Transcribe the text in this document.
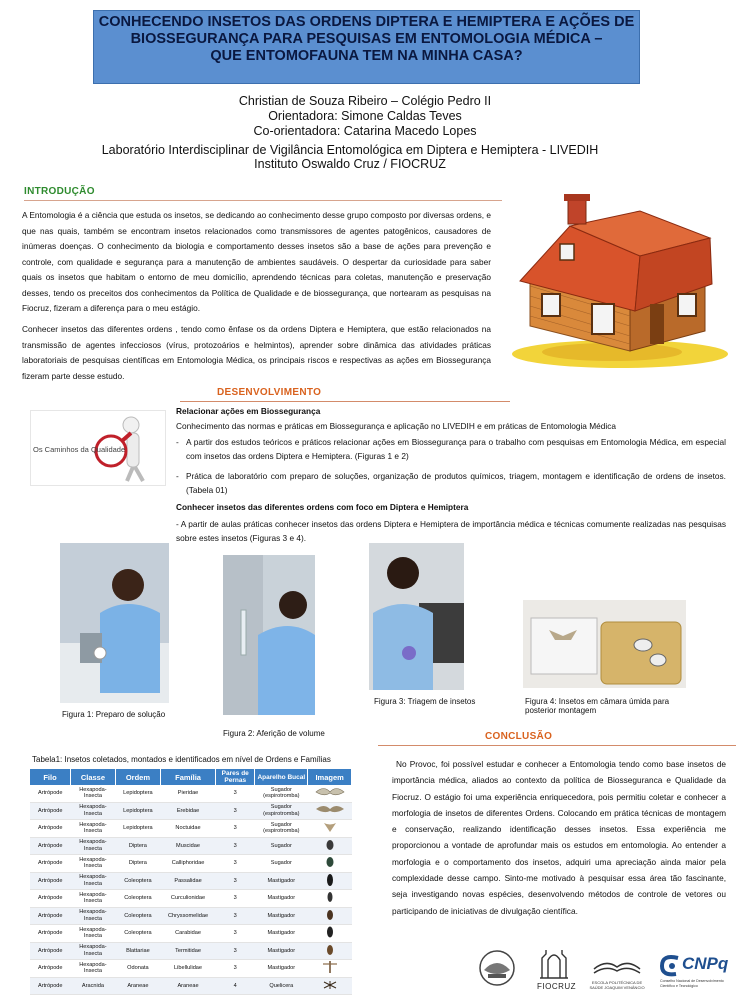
CONHECENDO INSETOS DAS ORDENS DIPTERA E HEMIPTERA E AÇÕES DE
BIOSSEGURANÇA PARA PESQUISAS EM ENTOMOLOGIA MÉDICA –
QUE ENTOMOFAUNA TEM NA MINHA CASA?
Christian de Souza Ribeiro – Colégio Pedro II
Orientadora: Simone Caldas Teves
Co-orientadora: Catarina Macedo Lopes
Laboratório Interdisciplinar de Vigilância Entomológica em Diptera e Hemiptera - LIVEDIH
Instituto Oswaldo Cruz / FIOCRUZ
INTRODUÇÃO
A Entomologia é a ciência que estuda os insetos, se dedicando ao conhecimento desse grupo composto por diversas ordens, e que nas quais, também se encontram insetos relacionados como transmissores de agentes patogênicos, causadores de inúmeras doenças. O conhecimento da biologia e comportamento desses insetos são a base de ações para prevenção e controle, com qualidade e segurança para a manutenção de ambientes saudáveis. O despertar da curiosidade para saber quais os insetos que habitam o entorno de meu domicílio, aprendendo técnicas para coletas, manutenção e preservação desses, tendo os preceitos dos conhecimentos da Política de Qualidade e de biossegurança, que nortearam as pesquisas na Fiocruz, fizeram a diferença para o meu estágio.
Conhecer insetos das diferentes ordens , tendo como ênfase os da ordens Diptera e Hemiptera, que estão relacionados na transmissão de agentes infecciosos (vírus, protozoários e helmintos), aprender sobre dinâmica das atividades práticas laboratoriais de pesquisas científicas em Entomologia Médica, os principais riscos e respectivas as ações em Biossegurança fizeram parte desse estudo.
DESENVOLVIMENTO
Os Caminhos da Qualidade
Relacionar ações em Biossegurança
Conhecimento das normas e práticas em Biossegurança e aplicação no LIVEDIH e em práticas de Entomologia Médica
- A partir dos estudos teóricos e práticos relacionar ações em Biossegurança para o trabalho com pesquisas em Entomologia Médica, em especial com insetos das ordens Diptera e Hemiptera. (Figuras 1 e 2)
- Prática de laboratório com preparo de soluções, organização de produtos químicos, triagem, montagem e identificação de ordens de insetos. (Tabela 01)
Conhecer insetos das diferentes ordens com foco em Diptera e Hemiptera
- A partir de aulas práticas conhecer insetos das ordens Diptera e Hemiptera de importância médica e técnicas comumente realizadas nas pesquisas sobre estes insetos (Figuras 3 e 4).
Figura 1: Preparo de solução
Figura 2: Aferição de volume
Figura 3: Triagem de insetos	Figura 4: Insetos em câmara úmida para posterior montagem
Tabela1: Insetos coletados, montados e identificados em nível de Ordens e Famílias
Filo	Classe	Ordem	Família	Pares de Pernas	Aparelho Bucal	Imagem
Artrópode	Hexapoda- Insecta	Lepidoptera	Pieridae	3	Sugador (espirotromba)	
Artrópode	Hexapoda- Insecta	Lepidoptera	Erebidae	3	Sugador (espirotromba)	
Artrópode	Hexapoda- Insecta	Lepidoptera	Noctuidae	3	Sugador (espirotromba)	
Artrópode	Hexapoda- Insecta	Diptera	Muscidae	3	Sugador	
Artrópode	Hexapoda- Insecta	Diptera	Calliphoridae	3	Sugador	
Artrópode	Hexapoda- Insecta	Coleoptera	Passalidae	3	Mastigador	
Artrópode	Hexapoda- Insecta	Coleoptera	Curculionidae	3	Mastigador	
Artrópode	Hexapoda- Insecta	Coleoptera	Chryssomelidae	3	Mastigador	
Artrópode	Hexapoda- Insecta	Coleoptera	Carabidae	3	Mastigador	
Artrópode	Hexapoda- Insecta	Blattariae	Termitidae	3	Mastigador	
Artrópode	Hexapoda- Insecta	Odonata	Libellulidae	3	Mastigador	
Artrópode	Aracnida	Araneae	Araneae	4	Quelicera	
CONCLUSÃO
No Provoc, foi possível estudar e conhecer a Entomologia tendo como base insetos de importância médica, aliados ao contexto da política de Biosseguranca e Qualidade da Fiocruz. O estágio foi uma experiência enriquecedora, pois permitiu coletar e conhecer a morfologia de insetos de diferentes Ordens. Colocando em prática técnicas de montagem e conservação, realizando identificação desses insetos. Essa experiência me proporcionou a vontade de aprofundar mais os estudos em entomologia. Ao entender a morfologia e o comportamento dos insetos, adquiri uma apreciação ainda maior pela complexidade desse campo. Sinto-me motivado à pesquisar essa área tão fascinante, seja investigando novas espécies, desenvolvendo métodos de controle de vetores ou participando de iniciativas de divulgação científica.
FIOCRUZ	ESCOLA POLITÉCNICA DE SAÚDE JOAQUIM VENÂNCIO
CNPq
Conselho Nacional de Desenvolvimento Científico e Tecnológico
